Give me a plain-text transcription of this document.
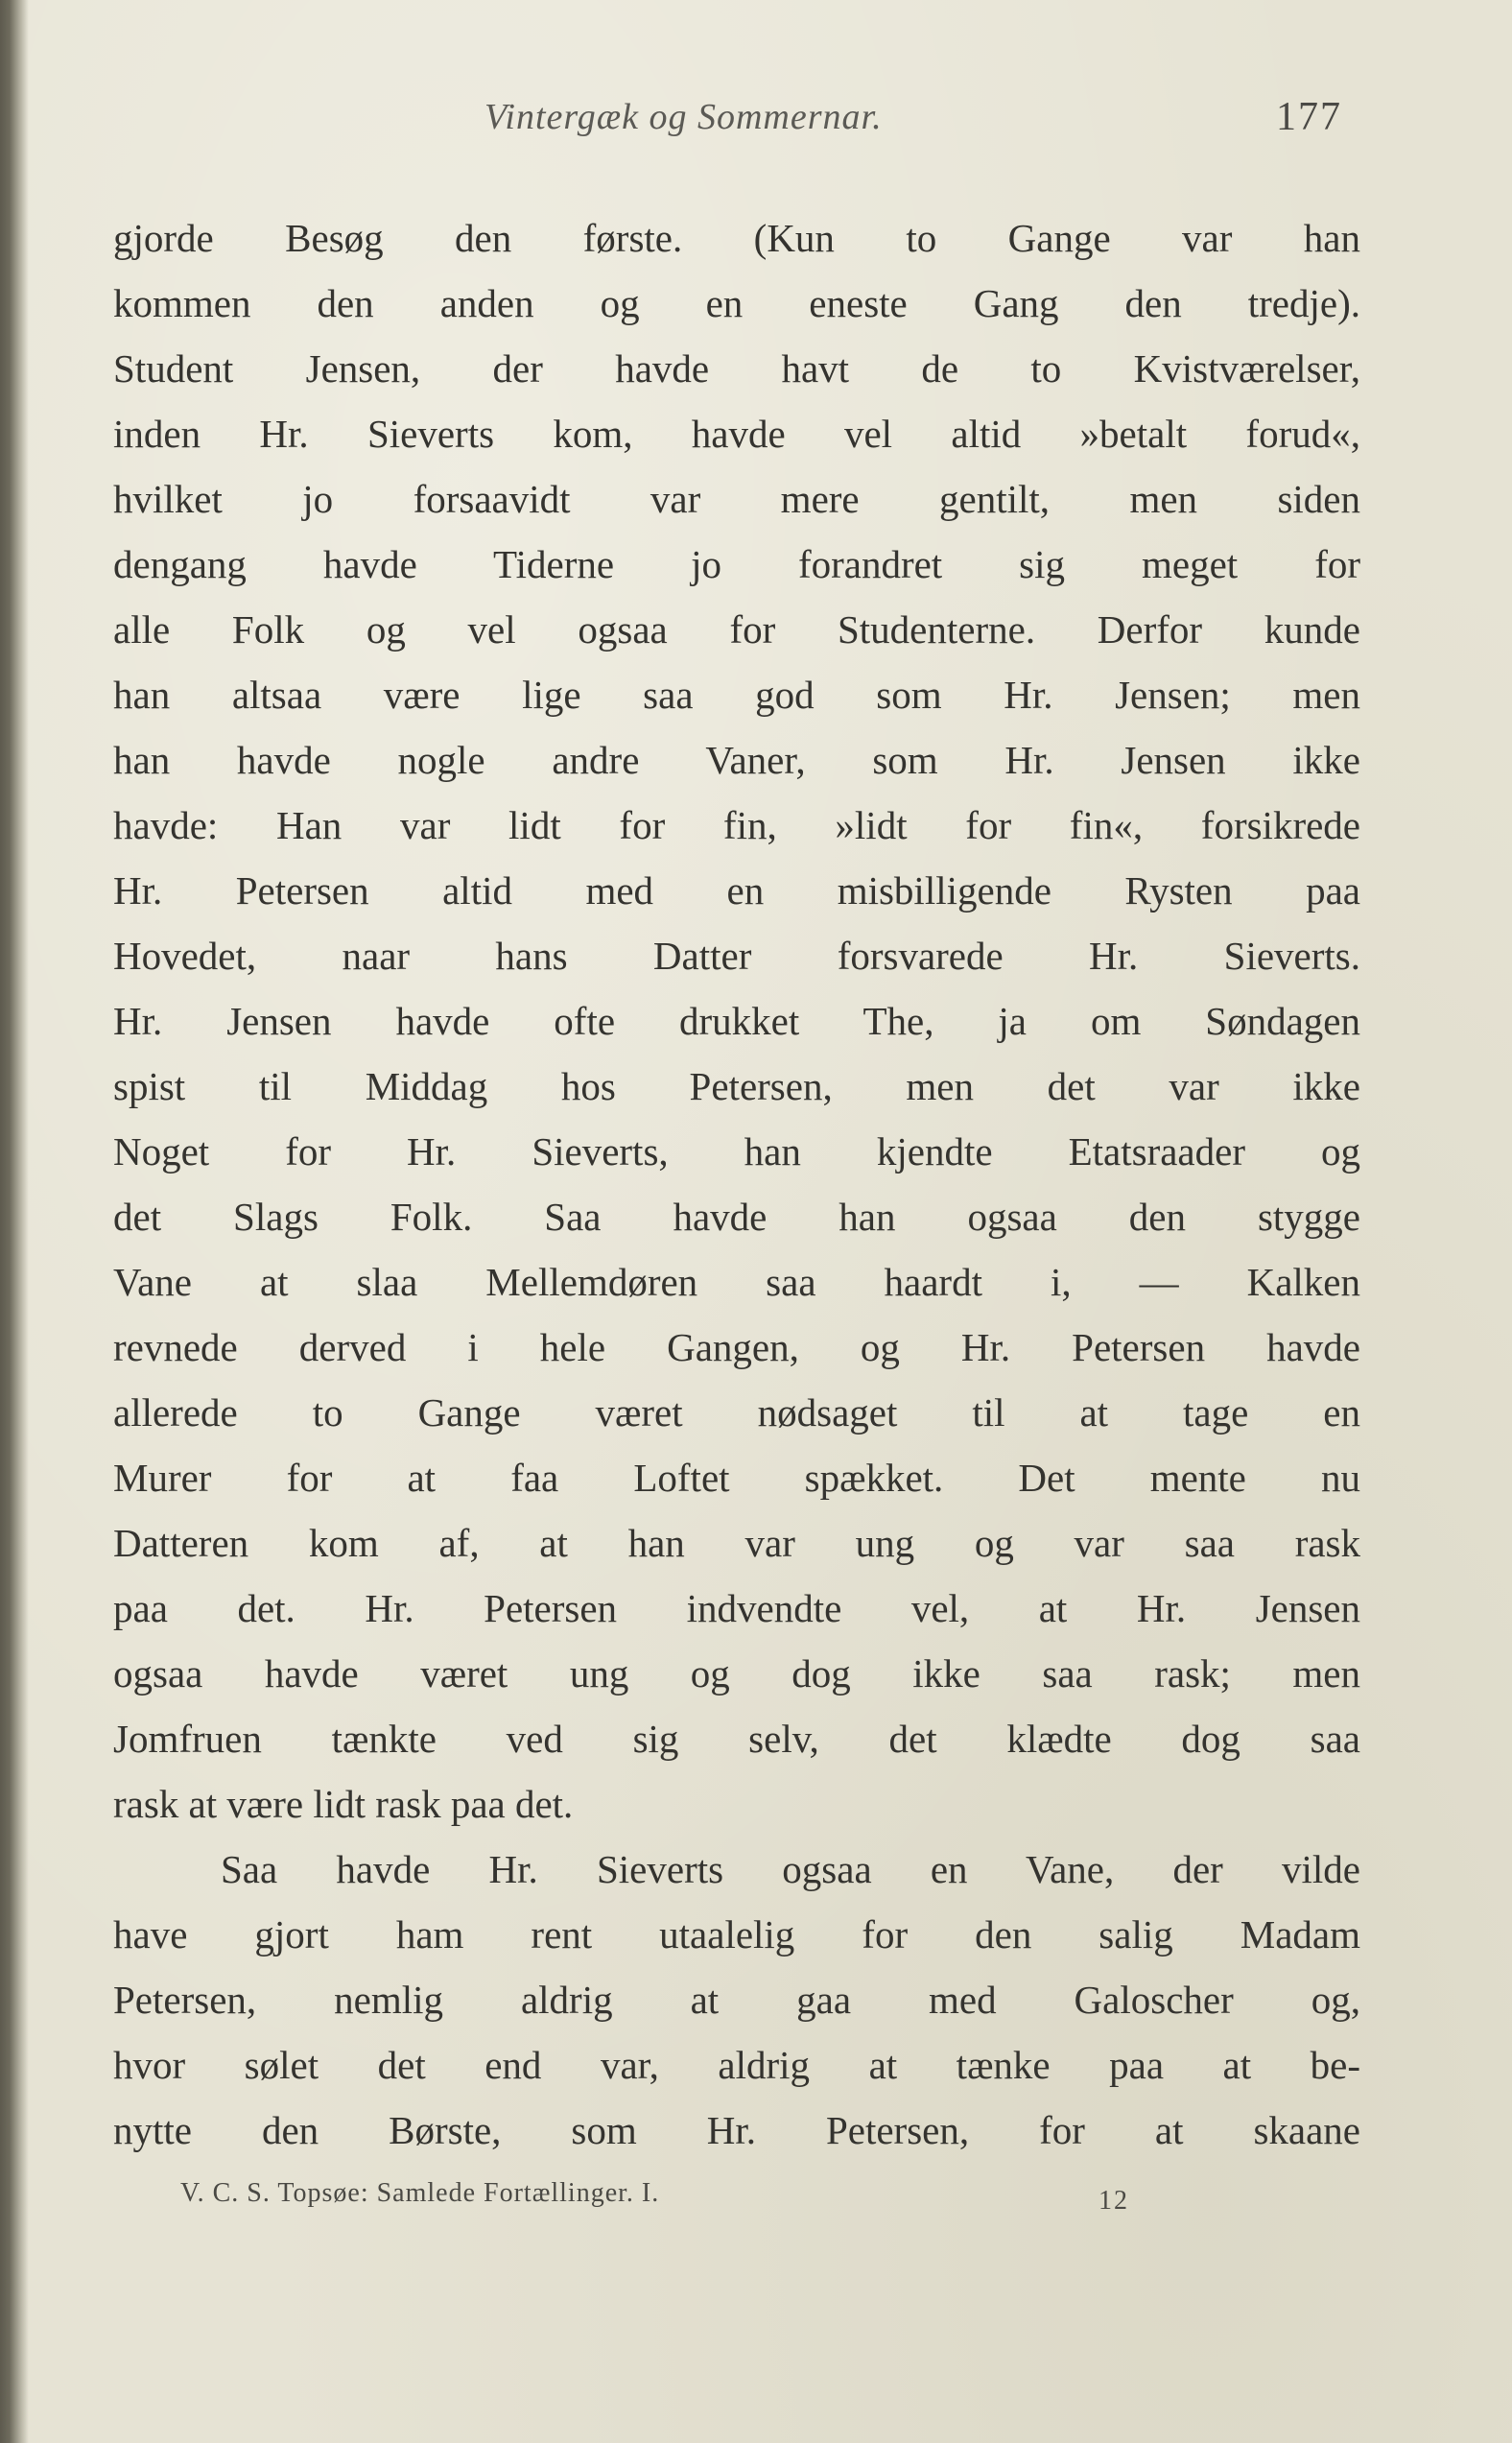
Vintergæk og Sommernar.	177
gjorde Besøg den første. (Kun to Gange var han
kommen den anden og en eneste Gang den tredje).
Student Jensen, der havde havt de to Kvistværelser,
inden Hr. Sieverts kom, havde vel altid »betalt forud«,
hvilket jo forsaavidt var mere gentilt, men siden
dengang havde Tiderne jo forandret sig meget for
alle Folk og vel ogsaa for Studenterne. Derfor kunde
han altsaa være lige saa god som Hr. Jensen; men
han havde nogle andre Vaner, som Hr. Jensen ikke
havde: Han var lidt for fin, »lidt for fin«, forsikrede
Hr. Petersen altid med en misbilligende Rysten paa
Hovedet, naar hans Datter forsvarede Hr. Sieverts.
Hr. Jensen havde ofte drukket The, ja om Søndagen
spist til Middag hos Petersen, men det var ikke
Noget for Hr. Sieverts, han kjendte Etatsraader og
det Slags Folk. Saa havde han ogsaa den stygge
Vane at slaa Mellemdøren saa haardt i, — Kalken
revnede derved i hele Gangen, og Hr. Petersen havde
allerede to Gange været nødsaget til at tage en
Murer for at faa Loftet spækket. Det mente nu
Datteren kom af, at han var ung og var saa rask
paa det. Hr. Petersen indvendte vel, at Hr. Jensen
ogsaa havde været ung og dog ikke saa rask; men
Jomfruen tænkte ved sig selv, det klædte dog saa
rask at være lidt rask paa det.
Saa havde Hr. Sieverts ogsaa en Vane, der vilde
have gjort ham rent utaalelig for den salig Madam
Petersen, nemlig aldrig at gaa med Galoscher og,
hvor sølet det end var, aldrig at tænke paa at be-
nytte den Børste, som Hr. Petersen, for at skaane
V. C. S. Topsøe: Samlede Fortællinger. I.	12
